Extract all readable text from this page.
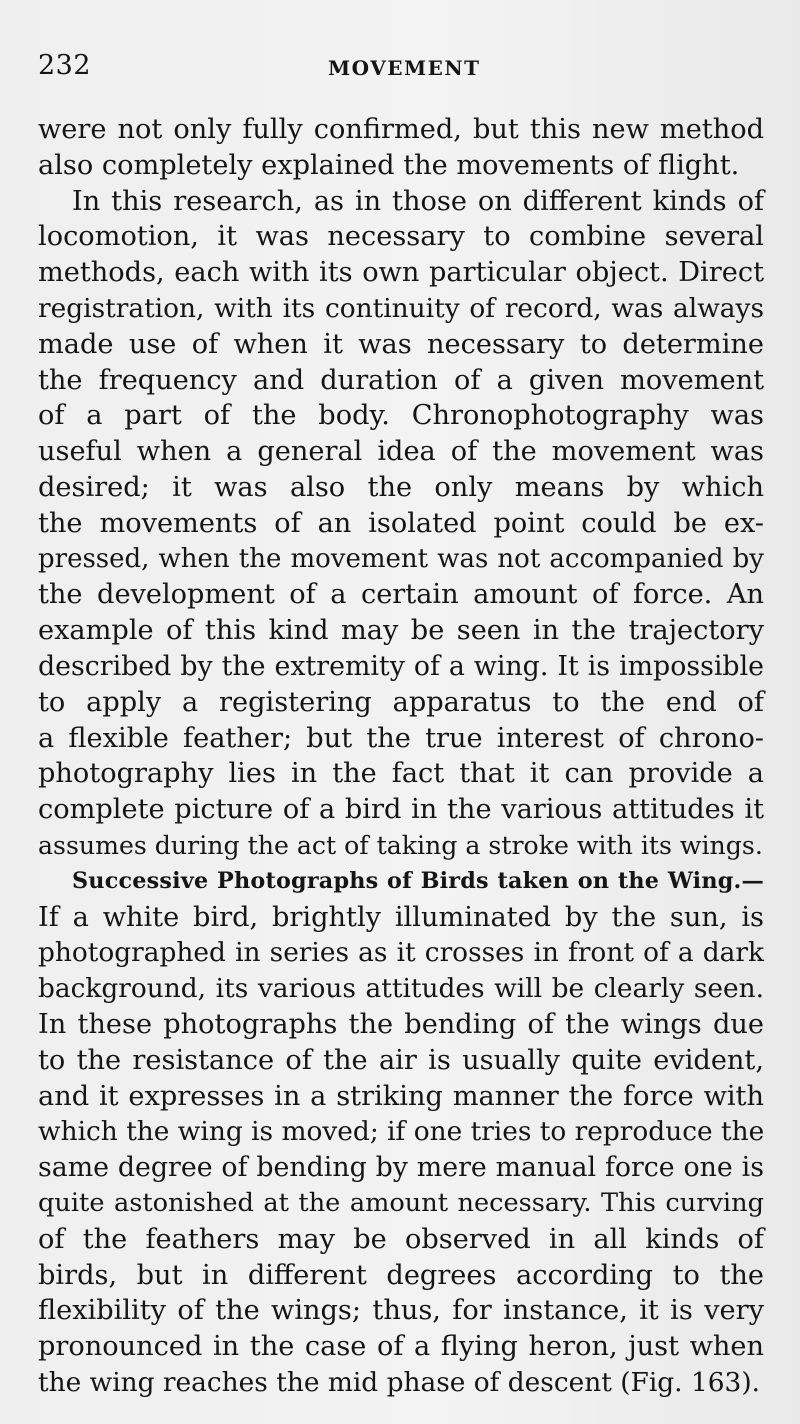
232	MOVEMENT
were not only fully confirmed, but this new method
also completely explained the movements of flight.
In this research, as in those on different kinds of
locomotion, it was necessary to combine several
methods, each with its own particular object. Direct
registration, with its continuity of record, was always
made use of when it was necessary to determine
the frequency and duration of a given movement
of a part of the body. Chronophotography was
useful when a general idea of the movement was
desired; it was also the only means by which
the movements of an isolated point could be ex-
pressed, when the movement was not accompanied by
the development of a certain amount of force. An
example of this kind may be seen in the trajectory
described by the extremity of a wing. It is impossible
to apply a registering apparatus to the end of
a flexible feather; but the true interest of chrono-
photography lies in the fact that it can provide a
complete picture of a bird in the various attitudes it
assumes during the act of taking a stroke with its wings.
Successive Photographs of Birds taken on the Wing.—
If a white bird, brightly illuminated by the sun, is
photographed in series as it crosses in front of a dark
background, its various attitudes will be clearly seen.
In these photographs the bending of the wings due
to the resistance of the air is usually quite evident,
and it expresses in a striking manner the force with
which the wing is moved; if one tries to reproduce the
same degree of bending by mere manual force one is
quite astonished at the amount necessary. This curving
of the feathers may be observed in all kinds of
birds, but in different degrees according to the
flexibility of the wings; thus, for instance, it is very
pronounced in the case of a flying heron, just when
the wing reaches the mid phase of descent (Fig. 163).
